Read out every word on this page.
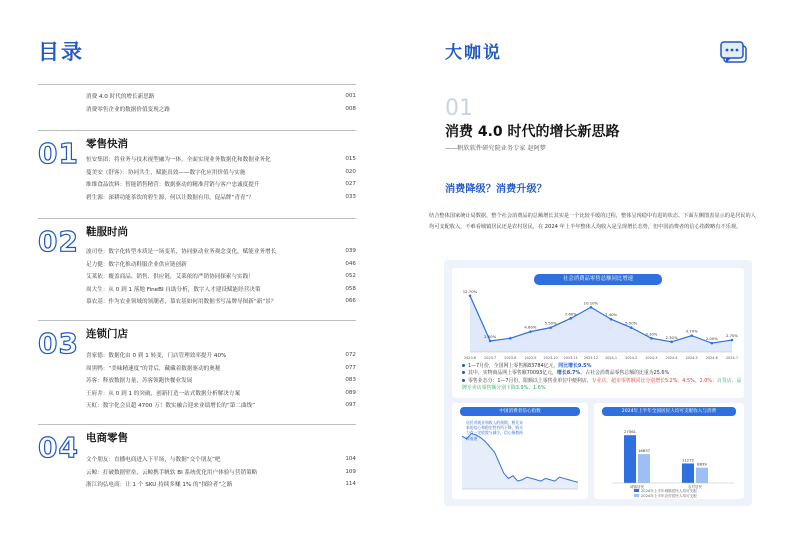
目录
消费 4.0 时代的增长新思路	001
消费零售企业的数据价值变现之路	008
01 零售快消
恒安集团：将业务与技术视型融为一体，全面实现业务数据化和数据业务化	015
蔓美安（舒客）：协同共生，赋能真效——数字化应用价值与实施	020
维维食品饮料：智能销售精营：数据驱动的精准营销与客户忠诚度提升	027
碧生源：深耕功能茶饮的碧生源，何以让数据有用，促品牌“青青”？	033
02 鞋服时尚
波司登：数字化转型本质是一场变革，协同驱动业务观念变化，赋能业务增长	039
足力健：数字化推动鞋服企业供应链创新	046
艾莱依：覆盖商品、销售、供应链，艾莱依的严销协同探索与实践！	052
周大生：从 0 到 1 落地 FineBI 自助分析，数字人才建设赋能经营决策	058
慕农基：作为农业领域的领潮者，慕农基如何用数据书写品牌导图新“新”景？	066
03 连锁门店
喜家德：数据化由 0 到 1 转变，门店管理效率提升 40%	072
周黑鸭：“美味精速度”的背后，藏藏着数据驱动的奥秘	077
苏客：释放数据力量，苏客领跑快餐业发展	083
王府井：从 0 到 1 的突破，创新打造一站式数据分析解决方案	089
天虹：数字化会员超 4700 万！数实融合迎来业绩增长的“第二曲线”	097
04 电商零售
文个朋友：直播电商进入下半场，与数据“交个朋友”吧	104
云鲸：打破数据壁垒，云鲸携手帆软 BI 系统优化用户体验与营销策略	109
浙江钧弘电商：让 1 个 SKU 持续多赚 1% 的“探险者”之路	114
大咖说
01
消费 4.0 时代的增长新思路
——帆软软件研究院业务专家 赵阿梦
消费降级？消费升级？
结合整体国家统计局数据，整个社会消费品的总额增长其实是一个比较平缓的过程，整体呈现稳中有进的状态。下面左侧图表显示的是居民的人均可支配收入，不难看城镇居民还是农村居民，在 2024 年上半年整体人均收入是呈现增长态势，但中国消费者的信心指数略有不乐观。
社会消费品零售总额同比增速
12.70%
2023-6
2.50%
2023-7 2023-8
4.60%
2023-9
5.50%
2023-10
7.60%
2023-11
10.10%
2023-12
7.40%
2024-1
5.50%
2024-2
3.10%
2024-3
2.30%
2024-4
3.70%
2024-5
2.00%
2024-6
2.70%
2024-7
1—7月份，全国网上零售额83784亿元，同比增长9.5%
其中，实物商品网上零售额70093亿元，增长8.7%，占社会消费品零售总额的比重为25.6%
零售业态分：1—7月份，限额以上零售业单位中便利店、专业店、超市零售额同比分别增长5.2%、4.5%、2.0%；百货店、品牌专卖店零售额分别下降3.9%、1.6%
中国消费者信心指数
居民对就业和收入的预期，相比未来的信心和稳定性有所下降，购买力有一定收敛与减少，信心指数持续低迷
2024年上半年全国居民人均可支配收入与消费
27561
16637
城镇居民
11272
8839
农村居民
2024年上半年城镇居民人均可支配
2024年上半年农村居民人均可支配
